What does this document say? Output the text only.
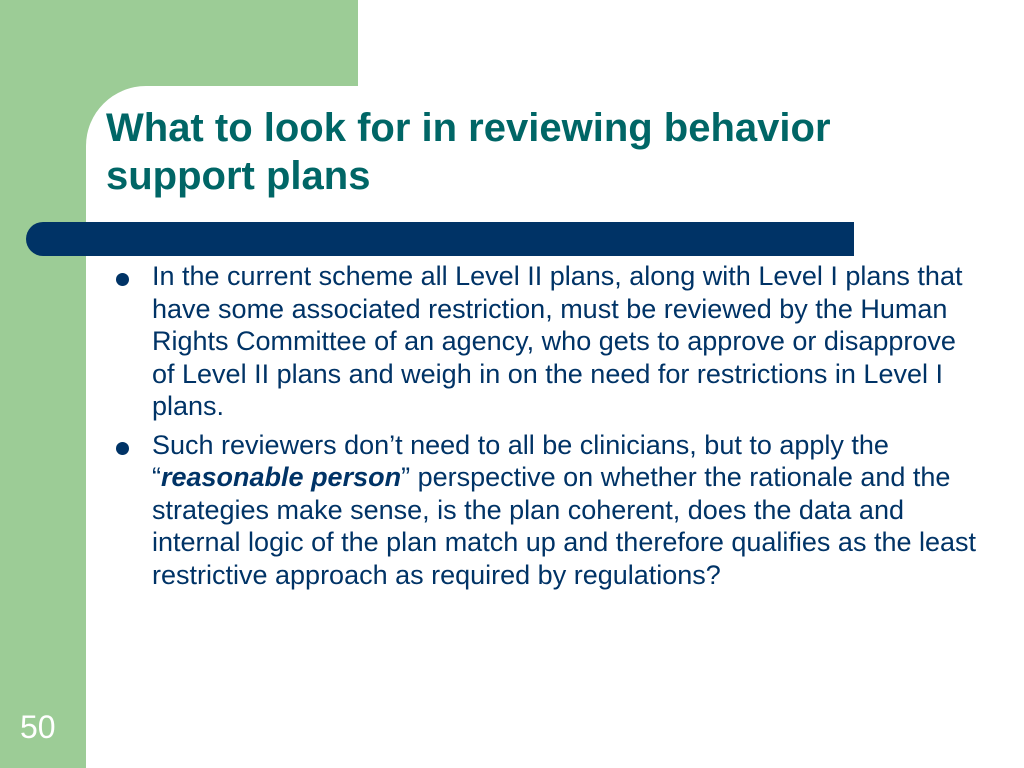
What to look for in reviewing behavior support plans
In the current scheme all Level II plans, along with Level I plans that have some associated restriction, must be reviewed by the Human Rights Committee of an agency, who gets to approve or disapprove of Level II plans and weigh in on the need for restrictions in Level I plans.
Such reviewers don’t need to all be clinicians, but to apply the “reasonable person” perspective on whether the rationale and the strategies make sense, is the plan coherent, does the data and internal logic of the plan match up and therefore qualifies as the least restrictive approach as required by regulations?
50
